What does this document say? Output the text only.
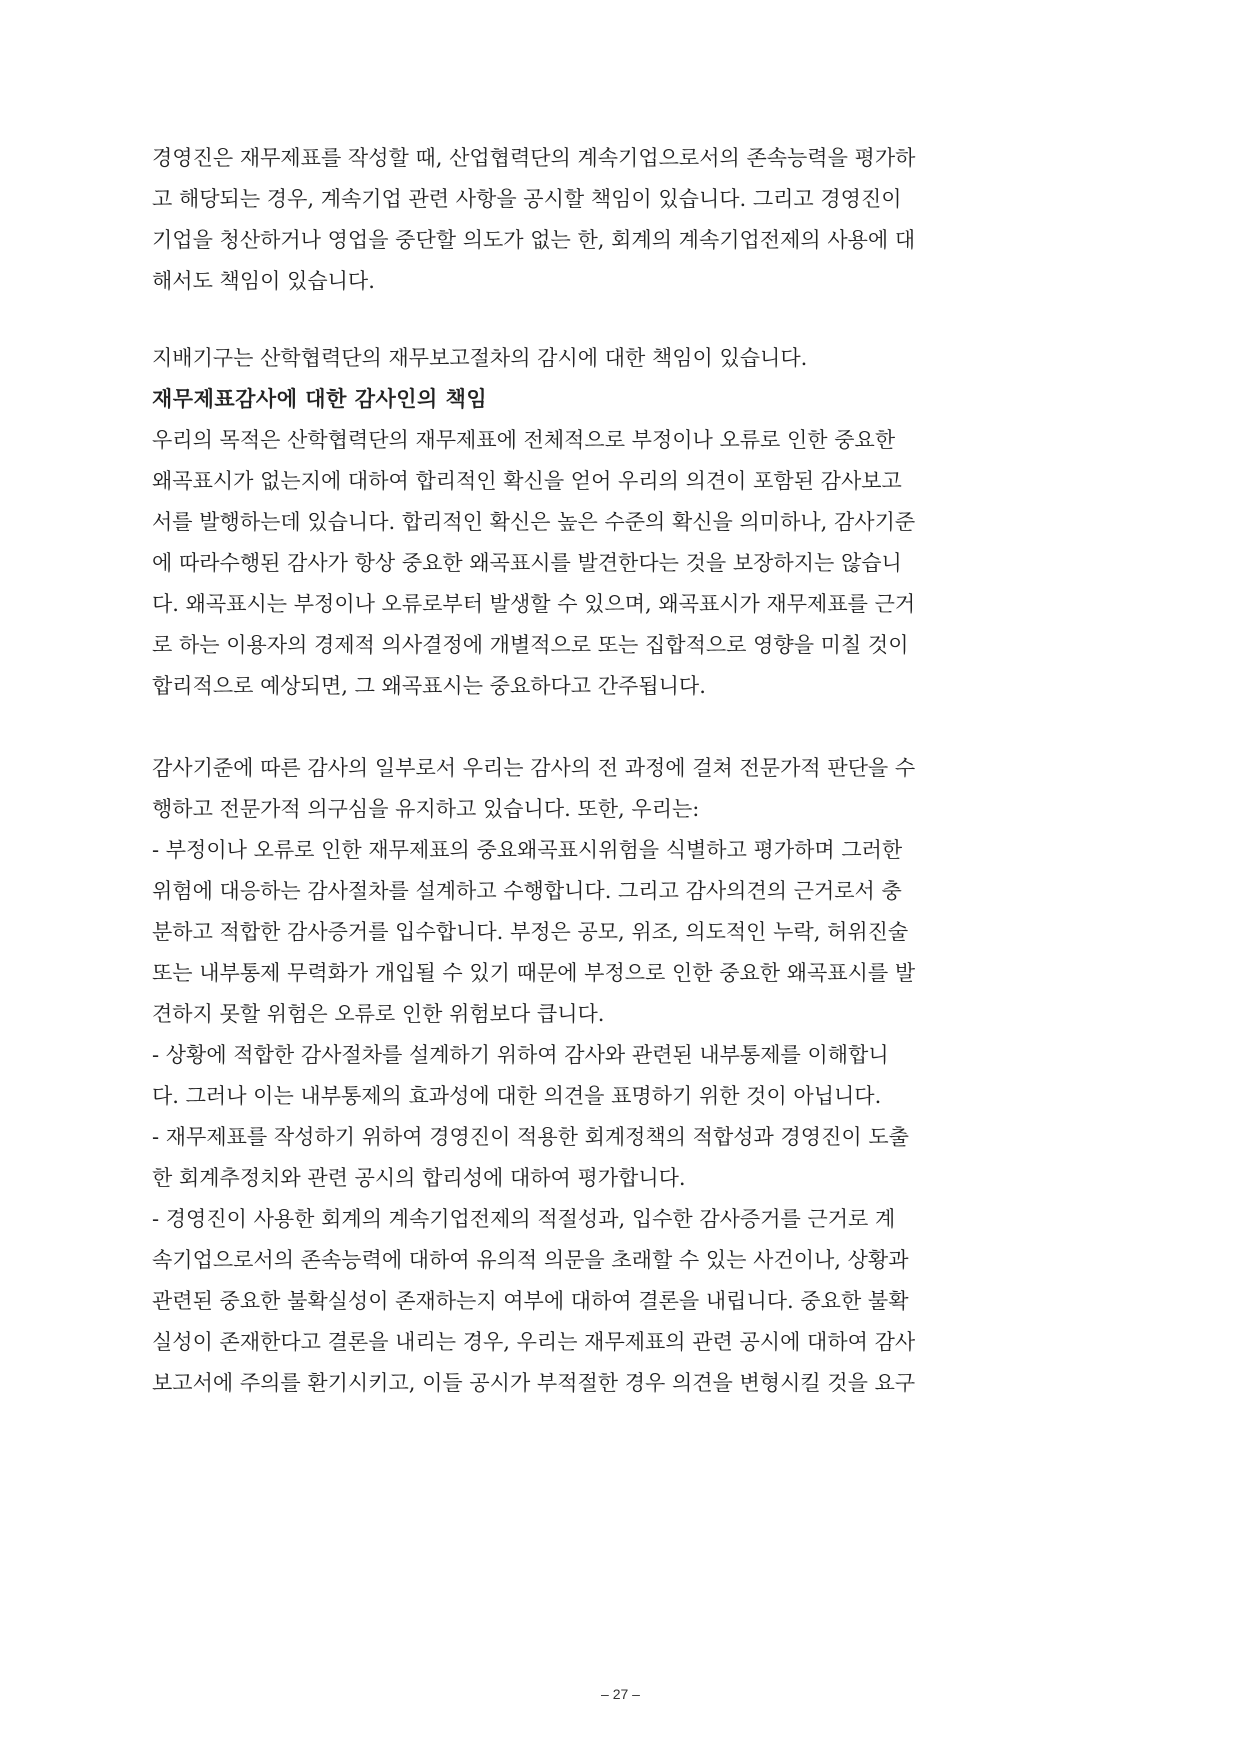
경영진은 재무제표를 작성할 때, 산업협력단의 계속기업으로서의 존속능력을 평가하
고 해당되는 경우, 계속기업 관련 사항을 공시할 책임이 있습니다. 그리고 경영진이
기업을 청산하거나 영업을 중단할 의도가 없는 한, 회계의 계속기업전제의 사용에 대
해서도 책임이 있습니다.

지배기구는 산학협력단의 재무보고절차의 감시에 대한 책임이 있습니다.

재무제표감사에 대한 감사인의 책임

우리의 목적은 산학협력단의 재무제표에 전체적으로 부정이나 오류로 인한 중요한
왜곡표시가 없는지에 대하여 합리적인 확신을 얻어 우리의 의견이 포함된 감사보고
서를 발행하는데 있습니다. 합리적인 확신은 높은 수준의 확신을 의미하나, 감사기준
에 따라수행된 감사가 항상 중요한 왜곡표시를 발견한다는 것을 보장하지는 않습니
다. 왜곡표시는 부정이나 오류로부터 발생할 수 있으며, 왜곡표시가 재무제표를 근거
로 하는 이용자의 경제적 의사결정에 개별적으로 또는 집합적으로 영향을 미칠 것이
합리적으로 예상되면, 그 왜곡표시는 중요하다고 간주됩니다.

감사기준에 따른 감사의 일부로서 우리는 감사의 전 과정에 걸쳐 전문가적 판단을 수
행하고 전문가적 의구심을 유지하고 있습니다. 또한, 우리는:
- 부정이나 오류로 인한 재무제표의 중요왜곡표시위험을 식별하고 평가하며 그러한
위험에 대응하는 감사절차를 설계하고 수행합니다. 그리고 감사의견의 근거로서 충
분하고 적합한 감사증거를 입수합니다. 부정은 공모, 위조, 의도적인 누락, 허위진술
또는 내부통제 무력화가 개입될 수 있기 때문에 부정으로 인한 중요한 왜곡표시를 발
견하지 못할 위험은 오류로 인한 위험보다 큽니다.
- 상황에 적합한 감사절차를 설계하기 위하여 감사와 관련된 내부통제를 이해합니
다. 그러나 이는 내부통제의 효과성에 대한 의견을 표명하기 위한 것이 아닙니다.
- 재무제표를 작성하기 위하여 경영진이 적용한 회계정책의 적합성과 경영진이 도출
한 회계추정치와 관련 공시의 합리성에 대하여 평가합니다.
- 경영진이 사용한 회계의 계속기업전제의 적절성과, 입수한 감사증거를 근거로 계
속기업으로서의 존속능력에 대하여 유의적 의문을 초래할 수 있는 사건이나, 상황과
관련된 중요한 불확실성이 존재하는지 여부에 대하여 결론을 내립니다. 중요한 불확
실성이 존재한다고 결론을 내리는 경우, 우리는 재무제표의 관련 공시에 대하여 감사
보고서에 주의를 환기시키고, 이들 공시가 부적절한 경우 의견을 변형시킬 것을 요구

– 27 –
